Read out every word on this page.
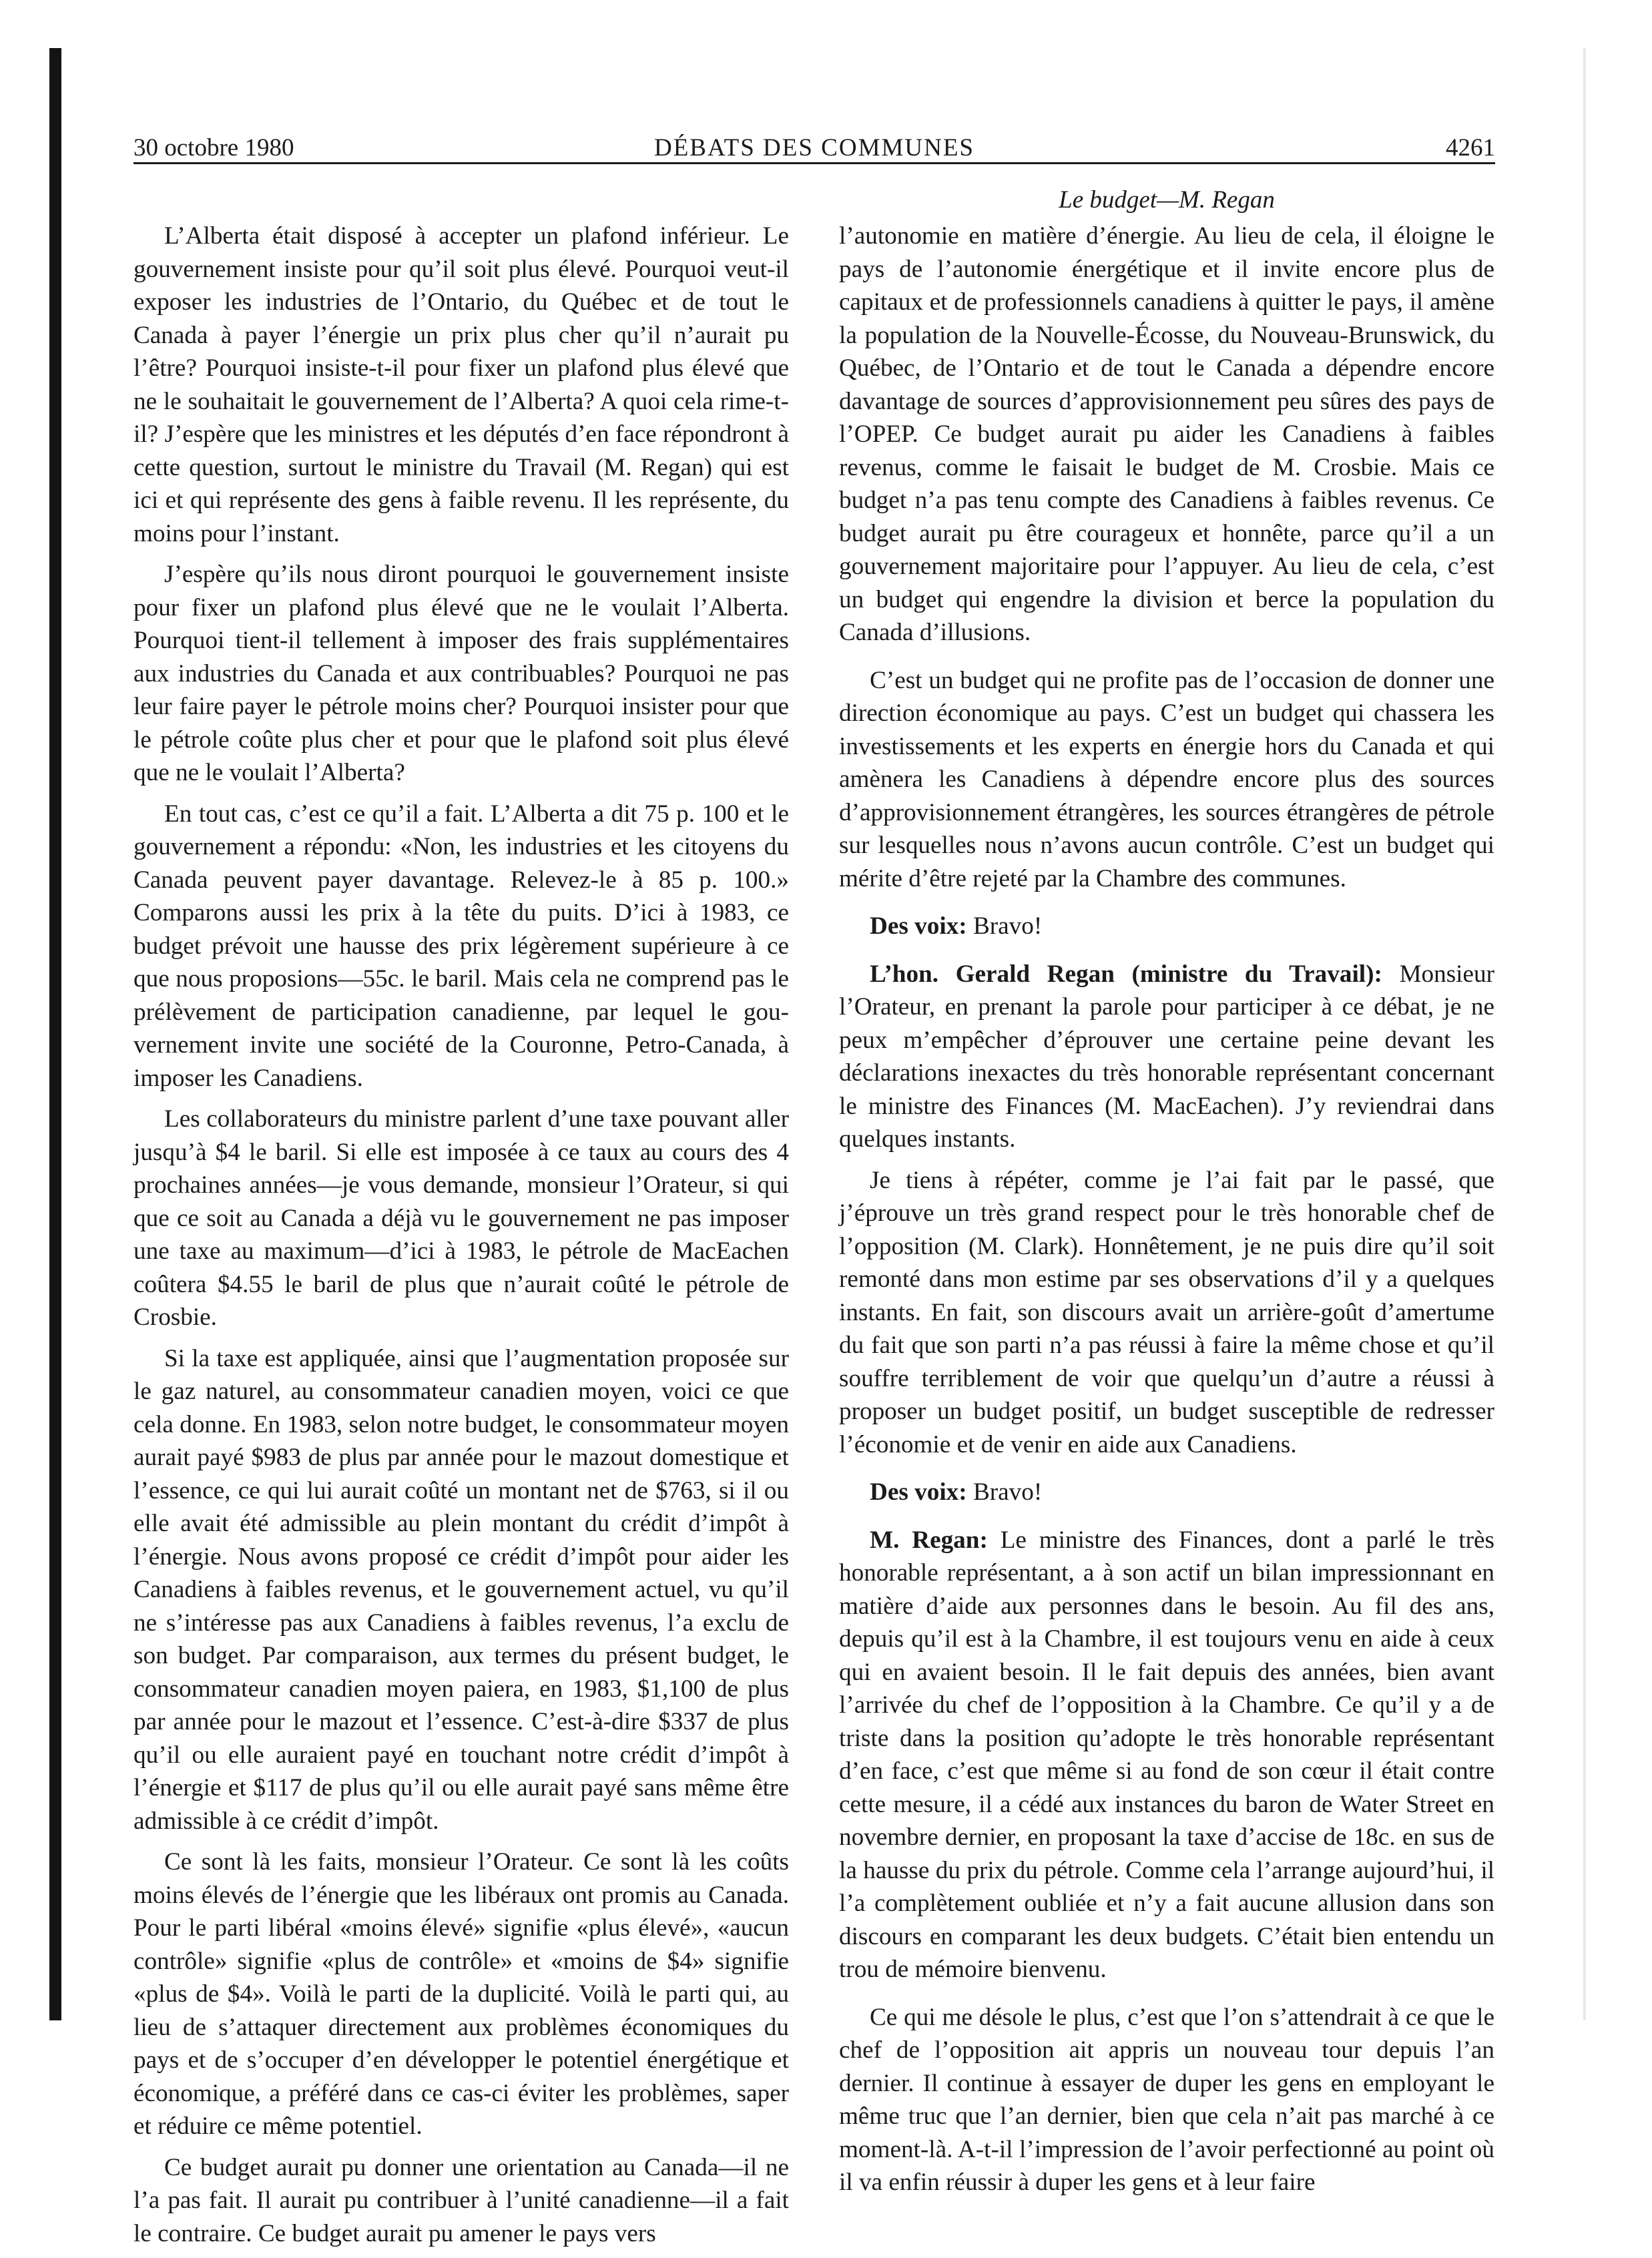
30 octobre 1980	DÉBATS DES COMMUNES	4261
Le budget—M. Regan

L’Alberta était disposé à accepter un plafond inférieur. Le gouvernement insiste pour qu’il soit plus élevé. Pourquoi veut-il exposer les industries de l’Ontario, du Québec et de tout le Canada à payer l’énergie un prix plus cher qu’il n’aurait pu l’être? Pourquoi insiste-t-il pour fixer un plafond plus élevé que ne le souhaitait le gouvernement de l’Alberta? A quoi cela rime-t-il? J’espère que les ministres et les députés d’en face répondront à cette question, surtout le ministre du Travail (M. Regan) qui est ici et qui représente des gens à faible revenu. Il les représente, du moins pour l’instant.

J’espère qu’ils nous diront pourquoi le gouvernement insiste pour fixer un plafond plus élevé que ne le voulait l’Alberta. Pourquoi tient-il tellement à imposer des frais supplémentaires aux industries du Canada et aux contribuables? Pourquoi ne pas leur faire payer le pétrole moins cher? Pourquoi insister pour que le pétrole coûte plus cher et pour que le plafond soit plus élevé que ne le voulait l’Alberta?

En tout cas, c’est ce qu’il a fait. L’Alberta a dit 75 p. 100 et le gouvernement a répondu: «Non, les industries et les citoyens du Canada peuvent payer davantage. Relevez-le à 85 p. 100.» Comparons aussi les prix à la tête du puits. D’ici à 1983, ce budget prévoit une hausse des prix légèrement supérieure à ce que nous proposions—55c. le baril. Mais cela ne comprend pas le prélèvement de participation canadienne, par lequel le gouvernement invite une société de la Couronne, Petro-Canada, à imposer les Canadiens.

Les collaborateurs du ministre parlent d’une taxe pouvant aller jusqu’à $4 le baril. Si elle est imposée à ce taux au cours des 4 prochaines années—je vous demande, monsieur l’Orateur, si qui que ce soit au Canada a déjà vu le gouvernement ne pas imposer une taxe au maximum—d’ici à 1983, le pétrole de MacEachen coûtera $4.55 le baril de plus que n’aurait coûté le pétrole de Crosbie.

Si la taxe est appliquée, ainsi que l’augmentation proposée sur le gaz naturel, au consommateur canadien moyen, voici ce que cela donne. En 1983, selon notre budget, le consommateur moyen aurait payé $983 de plus par année pour le mazout domestique et l’essence, ce qui lui aurait coûté un montant net de $763, si il ou elle avait été admissible au plein montant du crédit d’impôt à l’énergie. Nous avons proposé ce crédit d’impôt pour aider les Canadiens à faibles revenus, et le gouvernement actuel, vu qu’il ne s’intéresse pas aux Canadiens à faibles revenus, l’a exclu de son budget. Par comparaison, aux termes du présent budget, le consommateur canadien moyen paiera, en 1983, $1,100 de plus par année pour le mazout et l’essence. C’est-à-dire $337 de plus qu’il ou elle auraient payé en touchant notre crédit d’impôt à l’énergie et $117 de plus qu’il ou elle aurait payé sans même être admissible à ce crédit d’impôt.

Ce sont là les faits, monsieur l’Orateur. Ce sont là les coûts moins élevés de l’énergie que les libéraux ont promis au Canada. Pour le parti libéral «moins élevé» signifie «plus élevé», «aucun contrôle» signifie «plus de contrôle» et «moins de $4» signifie «plus de $4». Voilà le parti de la duplicité. Voilà le parti qui, au lieu de s’attaquer directement aux problèmes économiques du pays et de s’occuper d’en développer le potentiel énergétique et économique, a préféré dans ce cas-ci éviter les problèmes, saper et réduire ce même potentiel.

Ce budget aurait pu donner une orientation au Canada—il ne l’a pas fait. Il aurait pu contribuer à l’unité canadienne—il a fait le contraire. Ce budget aurait pu amener le pays vers

l’autonomie en matière d’énergie. Au lieu de cela, il éloigne le pays de l’autonomie énergétique et il invite encore plus de capitaux et de professionnels canadiens à quitter le pays, il amène la population de la Nouvelle-Écosse, du Nouveau-Brunswick, du Québec, de l’Ontario et de tout le Canada a dépendre encore davantage de sources d’approvisionnement peu sûres des pays de l’OPEP. Ce budget aurait pu aider les Canadiens à faibles revenus, comme le faisait le budget de M. Crosbie. Mais ce budget n’a pas tenu compte des Canadiens à faibles revenus. Ce budget aurait pu être courageux et honnête, parce qu’il a un gouvernement majoritaire pour l’appuyer. Au lieu de cela, c’est un budget qui engendre la division et berce la population du Canada d’illusions.

C’est un budget qui ne profite pas de l’occasion de donner une direction économique au pays. C’est un budget qui chassera les investissements et les experts en énergie hors du Canada et qui amènera les Canadiens à dépendre encore plus des sources d’approvisionnement étrangères, les sources étrangères de pétrole sur lesquelles nous n’avons aucun contrôle. C’est un budget qui mérite d’être rejeté par la Chambre des communes.

Des voix: Bravo!

L’hon. Gerald Regan (ministre du Travail): Monsieur l’Orateur, en prenant la parole pour participer à ce débat, je ne peux m’empêcher d’éprouver une certaine peine devant les déclarations inexactes du très honorable représentant concernant le ministre des Finances (M. MacEachen). J’y reviendrai dans quelques instants.

Je tiens à répéter, comme je l’ai fait par le passé, que j’éprouve un très grand respect pour le très honorable chef de l’opposition (M. Clark). Honnêtement, je ne puis dire qu’il soit remonté dans mon estime par ses observations d’il y a quelques instants. En fait, son discours avait un arrière-goût d’amertume du fait que son parti n’a pas réussi à faire la même chose et qu’il souffre terriblement de voir que quelqu’un d’autre a réussi à proposer un budget positif, un budget susceptible de redresser l’économie et de venir en aide aux Canadiens.

Des voix: Bravo!

M. Regan: Le ministre des Finances, dont a parlé le très honorable représentant, a à son actif un bilan impressionnant en matière d’aide aux personnes dans le besoin. Au fil des ans, depuis qu’il est à la Chambre, il est toujours venu en aide à ceux qui en avaient besoin. Il le fait depuis des années, bien avant l’arrivée du chef de l’opposition à la Chambre. Ce qu’il y a de triste dans la position qu’adopte le très honorable représentant d’en face, c’est que même si au fond de son cœur il était contre cette mesure, il a cédé aux instances du baron de Water Street en novembre dernier, en proposant la taxe d’accise de 18c. en sus de la hausse du prix du pétrole. Comme cela l’arrange aujourd’hui, il l’a complètement oubliée et n’y a fait aucune allusion dans son discours en comparant les deux budgets. C’était bien entendu un trou de mémoire bienvenu.

Ce qui me désole le plus, c’est que l’on s’attendrait à ce que le chef de l’opposition ait appris un nouveau tour depuis l’an dernier. Il continue à essayer de duper les gens en employant le même truc que l’an dernier, bien que cela n’ait pas marché à ce moment-là. A-t-il l’impression de l’avoir perfectionné au point où il va enfin réussir à duper les gens et à leur faire
